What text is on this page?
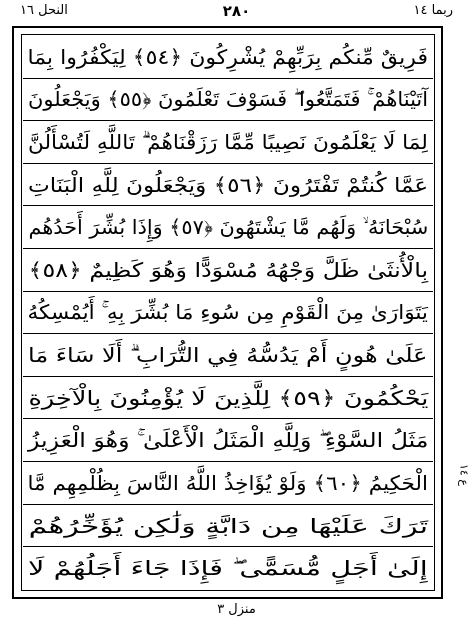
ربما ١٤
٢٨٠
النحل ١٦
فَرِيقٌ مِّنكُم بِرَبِّهِمْ يُشْرِكُونَ ﴿٥٤﴾ لِيَكْفُرُوا بِمَا
آتَيْنَاهُمْ ۚ فَتَمَتَّعُوا ۖ فَسَوْفَ تَعْلَمُونَ ﴿٥٥﴾ وَيَجْعَلُونَ
لِمَا لَا يَعْلَمُونَ نَصِيبًا مِّمَّا رَزَقْنَاهُمْ ۗ تَاللَّهِ لَتُسْأَلُنَّ
عَمَّا كُنتُمْ تَفْتَرُونَ ﴿٥٦﴾ وَيَجْعَلُونَ لِلَّهِ الْبَنَاتِ
سُبْحَانَهُ ۙ وَلَهُم مَّا يَشْتَهُونَ ﴿٥٧﴾ وَإِذَا بُشِّرَ أَحَدُهُم
بِالْأُنثَىٰ ظَلَّ وَجْهُهُ مُسْوَدًّا وَهُوَ كَظِيمٌ ﴿٥٨﴾
يَتَوَارَىٰ مِنَ الْقَوْمِ مِن سُوءِ مَا بُشِّرَ بِهِ ۚ أَيُمْسِكُهُ
عَلَىٰ هُونٍ أَمْ يَدُسُّهُ فِي التُّرَابِ ۗ أَلَا سَاءَ مَا
يَحْكُمُونَ ﴿٥٩﴾ لِلَّذِينَ لَا يُؤْمِنُونَ بِالْآخِرَةِ
مَثَلُ السَّوْءِ ۖ وَلِلَّهِ الْمَثَلُ الْأَعْلَىٰ ۚ وَهُوَ الْعَزِيزُ
الْحَكِيمُ ﴿٦٠﴾ وَلَوْ يُؤَاخِذُ اللَّهُ النَّاسَ بِظُلْمِهِم مَّا
تَرَكَ عَلَيْهَا مِن دَابَّةٍ وَلَٰكِن يُؤَخِّرُهُمْ
إِلَىٰ أَجَلٍ مُّسَمًّى ۖ فَإِذَا جَاءَ أَجَلُهُمْ لَا
ع ١٤
منزل ٣
